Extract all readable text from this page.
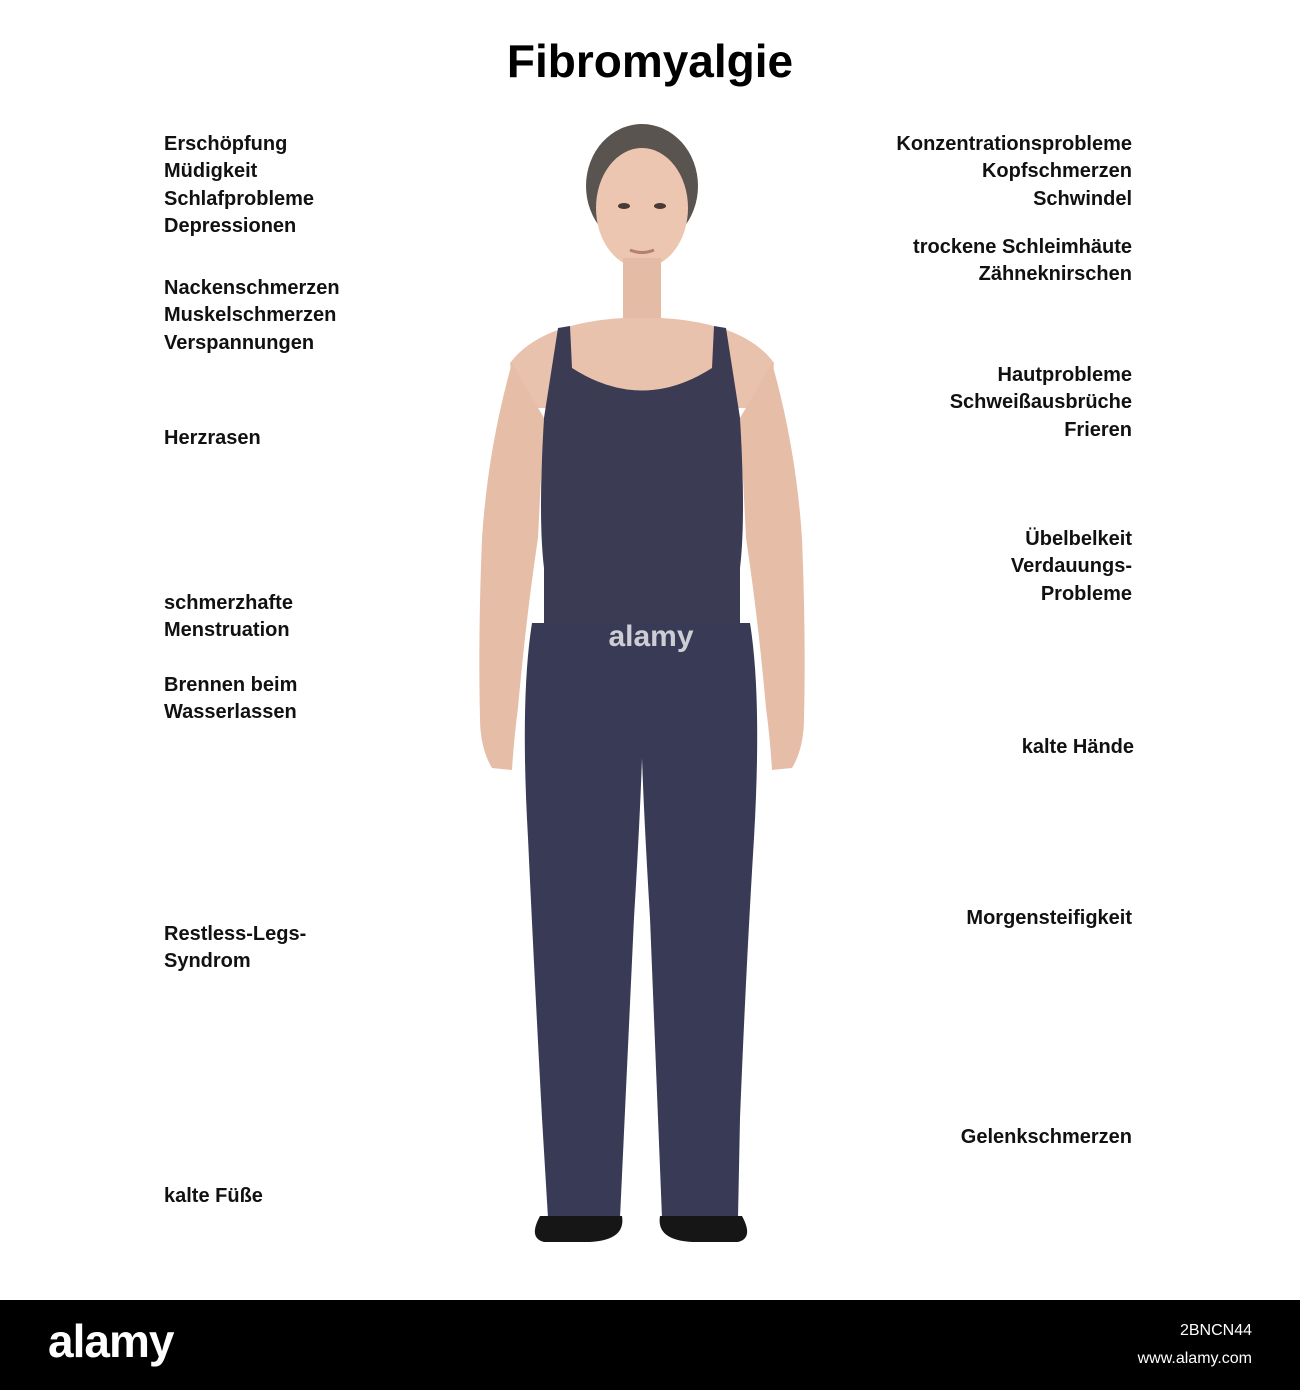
Fibromyalgie
Erschöpfung
Müdigkeit
Schlafprobleme
Depressionen
Nackenschmerzen
Muskelschmerzen
Verspannungen
Herzrasen
schmerzhafte
Menstruation
Brennen beim
Wasserlassen
Restless-Legs-
Syndrom
kalte Füße
Konzentrationsprobleme
Kopfschmerzen
Schwindel
trockene Schleimhäute
Zähneknirschen
Hautprobleme
Schweißausbrüche
Frieren
Übelbelkeit
Verdauungs-
Probleme
kalte Hände
Morgensteifigkeit
Gelenkschmerzen
alamy
alamy	2BNCN44
www.alamy.com
